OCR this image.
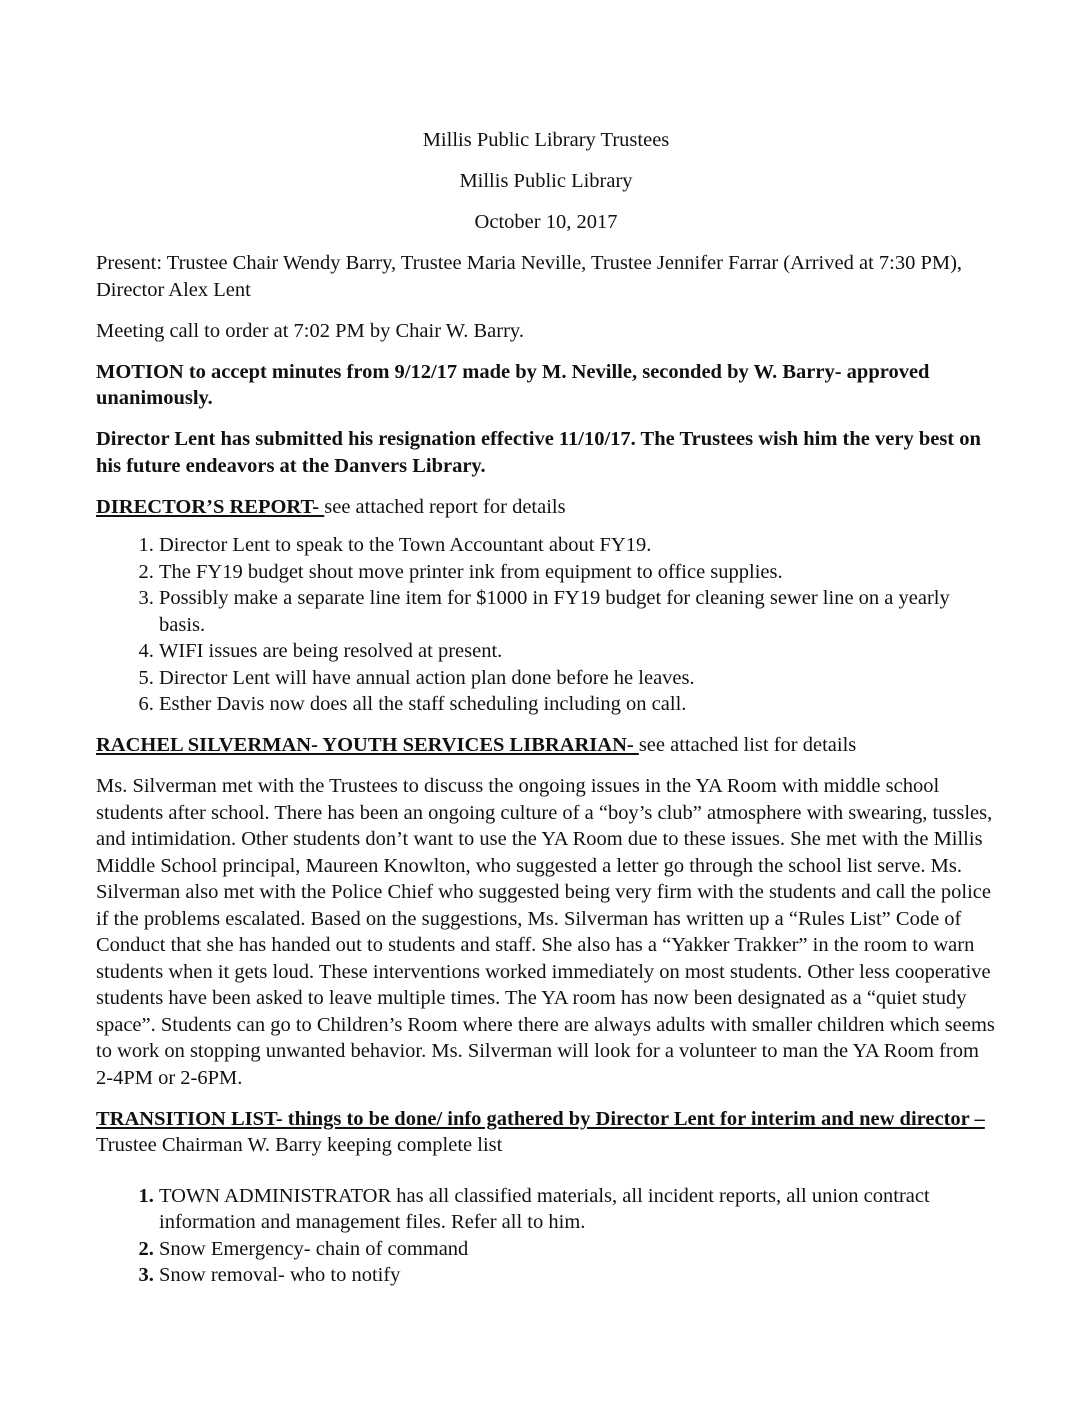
Millis Public Library Trustees

Millis Public Library

October 10, 2017

Present: Trustee Chair Wendy Barry, Trustee Maria Neville, Trustee Jennifer Farrar (Arrived at 7:30 PM), Director Alex Lent

Meeting call to order at 7:02 PM by Chair W. Barry.

MOTION to accept minutes from 9/12/17 made by M. Neville, seconded by W. Barry- approved unanimously.

Director Lent has submitted his resignation effective 11/10/17. The Trustees wish him the very best on his future endeavors at the Danvers Library.

DIRECTOR’S REPORT- see attached report for details

1. Director Lent to speak to the Town Accountant about FY19.
2. The FY19 budget shout move printer ink from equipment to office supplies.
3. Possibly make a separate line item for $1000 in FY19 budget for cleaning sewer line on a yearly basis.
4. WIFI issues are being resolved at present.
5. Director Lent will have annual action plan done before he leaves.
6. Esther Davis now does all the staff scheduling including on call.

RACHEL SILVERMAN- YOUTH SERVICES LIBRARIAN- see attached list for details

Ms. Silverman met with the Trustees to discuss the ongoing issues in the YA Room with middle school students after school. There has been an ongoing culture of a “boy’s club” atmosphere with swearing, tussles, and intimidation. Other students don’t want to use the YA Room due to these issues. She met with the Millis Middle School principal, Maureen Knowlton, who suggested a letter go through the school list serve. Ms. Silverman also met with the Police Chief who suggested being very firm with the students and call the police if the problems escalated. Based on the suggestions, Ms. Silverman has written up a “Rules List” Code of Conduct that she has handed out to students and staff. She also has a “Yakker Trakker” in the room to warn students when it gets loud. These interventions worked immediately on most students. Other less cooperative students have been asked to leave multiple times. The YA room has now been designated as a “quiet study space”. Students can go to Children’s Room where there are always adults with smaller children which seems to work on stopping unwanted behavior. Ms. Silverman will look for a volunteer to man the YA Room from 2-4PM or 2-6PM.

TRANSITION LIST- things to be done/ info gathered by Director Lent for interim and new director – Trustee Chairman W. Barry keeping complete list

1. TOWN ADMINISTRATOR has all classified materials, all incident reports, all union contract information and management files. Refer all to him.
2. Snow Emergency- chain of command
3. Snow removal- who to notify
